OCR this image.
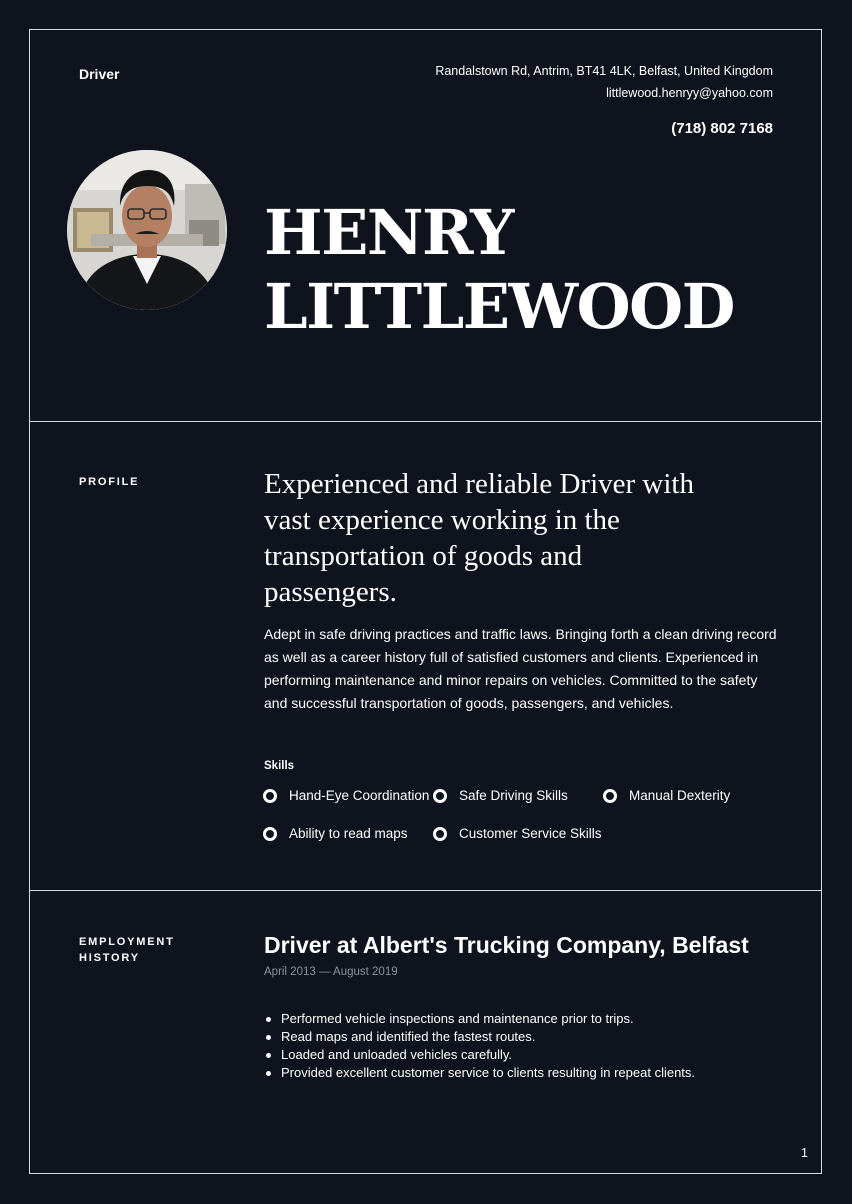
Driver	Randalstown Rd, Antrim, BT41 4LK, Belfast, United Kingdom
littlewood.henryy@yahoo.com
(718) 802 7168
HENRY
LITTLEWOOD
PROFILE	Experienced and reliable Driver with vast experience working in the transportation of goods and passengers.

Adept in safe driving practices and traffic laws. Bringing forth a clean driving record as well as a career history full of satisfied customers and clients. Experienced in performing maintenance and minor repairs on vehicles. Committed to the safety and successful transportation of goods, passengers, and vehicles.

Skills
Hand-Eye Coordination Safe Driving Skills	Manual Dexterity
Ability to read maps	Customer Service Skills
EMPLOYMENT
HISTORY	Driver at Albert's Trucking Company, Belfast
April 2013 — August 2019
Performed vehicle inspections and maintenance prior to trips.
Read maps and identified the fastest routes.
Loaded and unloaded vehicles carefully.
Provided excellent customer service to clients resulting in repeat clients.
1
